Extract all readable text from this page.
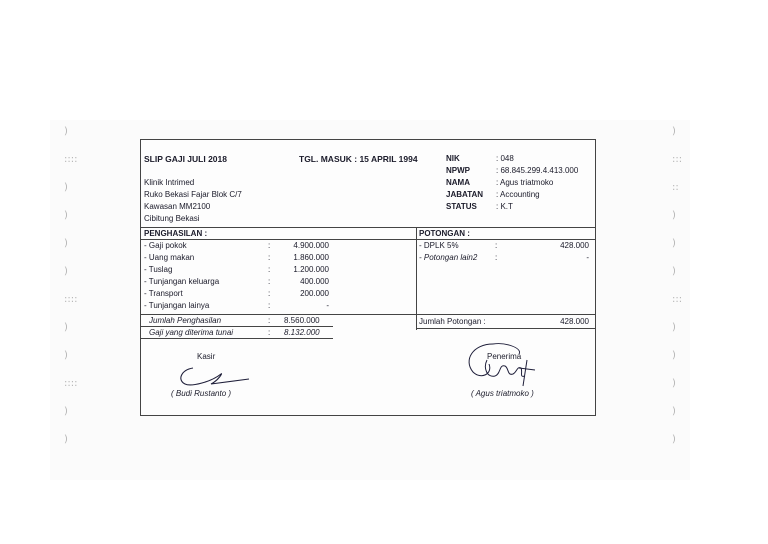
)
::::
)
)
)
)
::::
)
)
::::
)
)
)
:::
::
)
)
)
:::
)
)
)
)
)
SLIP GAJI JULI 2018	TGL. MASUK : 15 APRIL 1994
Klinik Intrimed
Ruko Bekasi Fajar Blok C/7
Kawasan MM2100
Cibitung Bekasi
NIK	: 048
NPWP	: 68.845.299.4.413.000
NAMA	: Agus triatmoko
JABATAN : Accounting
STATUS : K.T
PENGHASILAN :
- Gaji pokok	:	4.900.000
- Uang makan	:	1.860.000
- Tuslag	:	1.200.000
- Tunjangan keluarga	:	400.000
- Transport	:	200.000
- Tunjangan lainya	:	-
Jumlah Penghasilan	: 8.560.000
Gaji yang diterima tunai	: 8.132.000
POTONGAN :
- DPLK 5%	:	428.000
- Potongan lain2 :	-
Jumlah Potongan :	428.000
Kasir
( Budi Rustanto )
Penerima
( Agus triatmoko )
